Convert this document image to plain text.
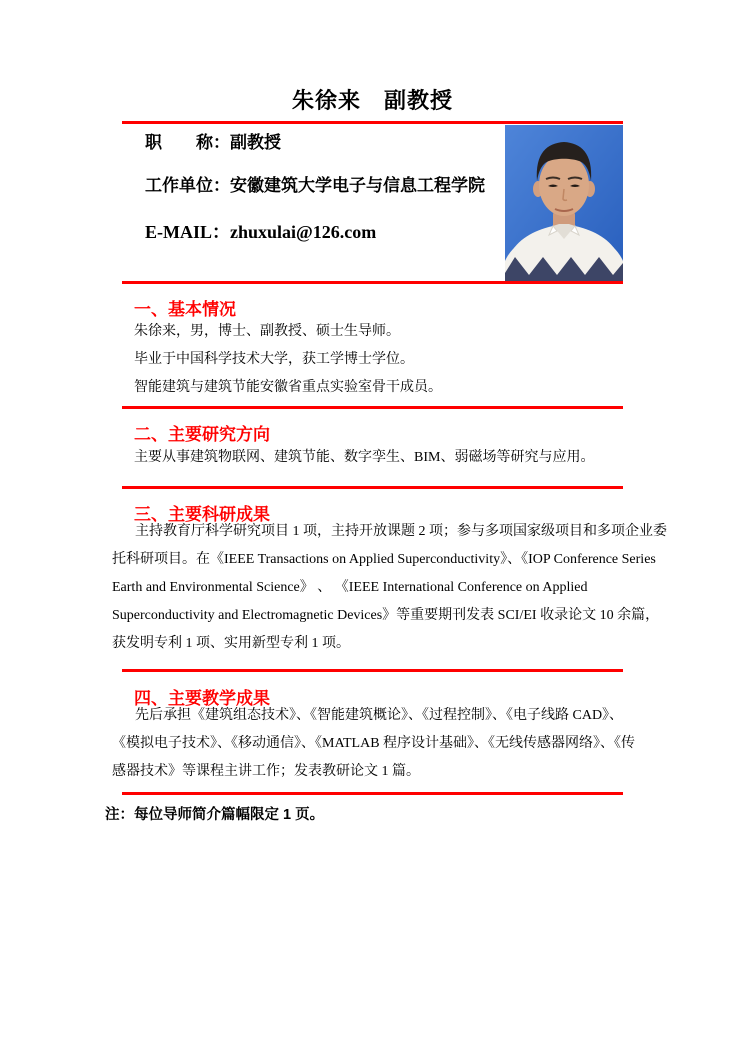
朱徐来　副教授
职　　称：副教授
工作单位：安徽建筑大学电子与信息工程学院
E-MAIL：zhuxulai@126.com
一、基本情况
朱徐来，男，博士、副教授、硕士生导师。
毕业于中国科学技术大学，获工学博士学位。
智能建筑与建筑节能安徽省重点实验室骨干成员。
二、主要研究方向
主要从事建筑物联网、建筑节能、数字孪生、BIM、弱磁场等研究与应用。
三、主要科研成果
主持教育厅科学研究项目 1 项，主持开放课题 2 项；参与多项国家级项目和多项企业委
托科研项目。在《IEEE Transactions on Applied Superconductivity》、《IOP Conference Series
Earth and Environmental Science》 、 《IEEE International Conference on Applied
Superconductivity and Electromagnetic Devices》等重要期刊发表 SCI/EI 收录论文 10 余篇，
获发明专利 1 项、实用新型专利 1 项。
四、主要教学成果
先后承担《建筑组态技术》、《智能建筑概论》、《过程控制》、《电子线路 CAD》、
《模拟电子技术》、《移动通信》、《MATLAB 程序设计基础》、《无线传感器网络》、《传
感器技术》等课程主讲工作；发表教研论文 1 篇。
注：每位导师简介篇幅限定 1 页。
